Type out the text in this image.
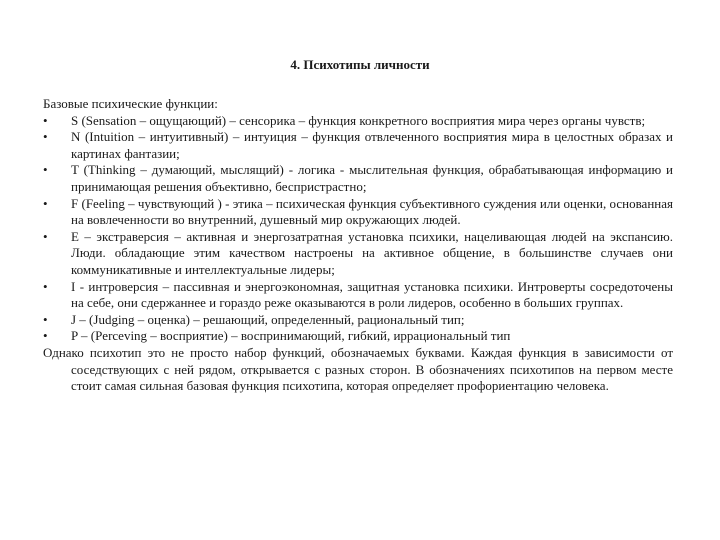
4. Психотипы личности

Базовые психические функции:

•	S (Sensation – ощущающий) – сенсорика – функция конкретного восприятия мира через органы чувств;
•	N (Intuition – интуитивный) – интуиция – функция отвлеченного восприятия мира в целостных образах и картинах фантазии;
•	T (Thinking – думающий, мыслящий) - логика - мыслительная функция, обрабатывающая информацию и принимающая решения объективно, беспристрастно;
•	F (Feeling – чувствующий ) - этика – психическая функция субъективного суждения или оценки, основанная на вовлеченности во внутренний, душевный мир окружающих людей.
•	E – экстраверсия – активная и энергозатратная установка психики, нацеливающая людей на экспансию. Люди. обладающие этим качеством настроены на активное общение, в большинстве случаев они коммуникативные и интеллектуальные лидеры;
•	I - интроверсия – пассивная и энергоэкономная, защитная установка психики. Интроверты сосредоточены на себе, они сдержаннее и гораздо реже оказываются в роли лидеров, особенно в больших группах.
•	J – (Judging – оценка) – решающий, определенный, рациональный тип;
•	P – (Perceving – восприятие) – воспринимающий, гибкий, иррациональный тип

Однако психотип это не просто набор функций, обозначаемых буквами. Каждая функция в зависимости от соседствующих с ней рядом, открывается с разных сторон. В обозначениях психотипов на первом месте стоит самая сильная базовая функция психотипа, которая определяет профориентацию человека.
